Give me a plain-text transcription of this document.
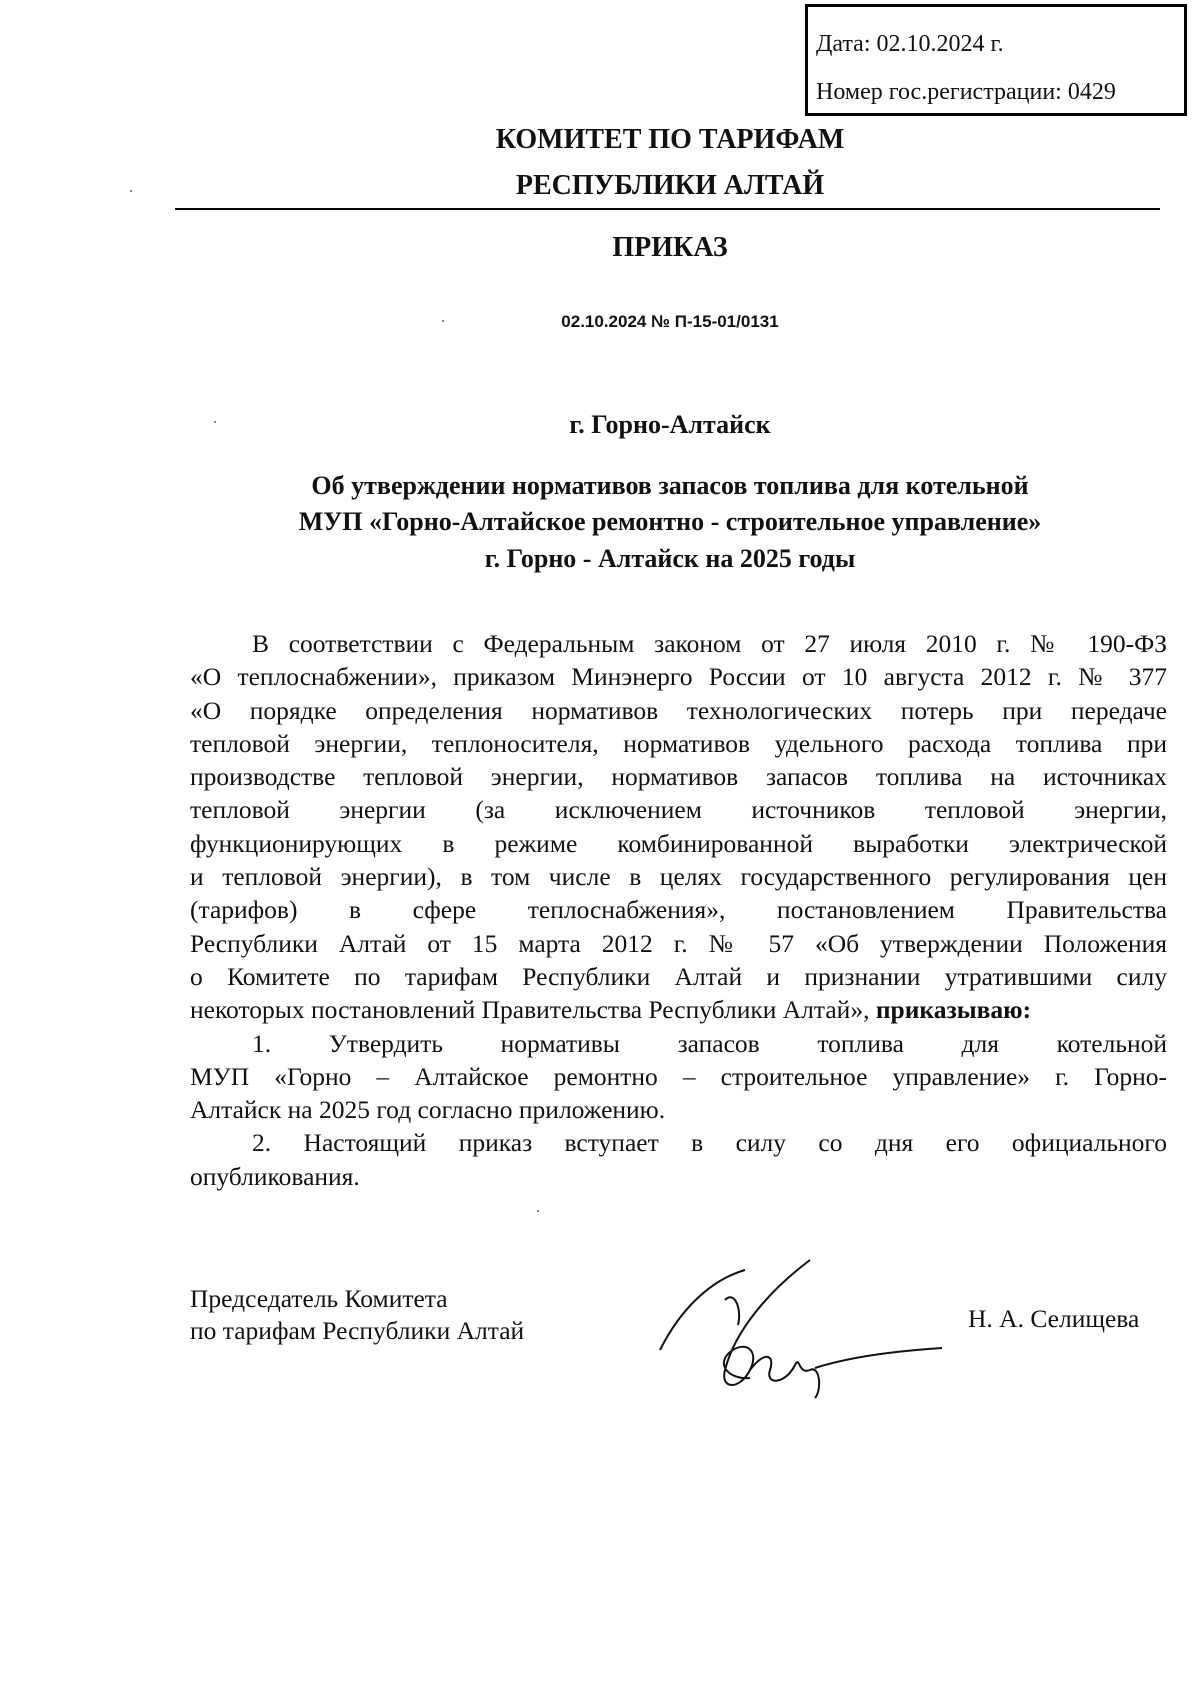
Дата: 02.10.2024 г.
Номер гос.регистрации: 0429
КОМИТЕТ ПО ТАРИФАМ
РЕСПУБЛИКИ АЛТАЙ
ПРИКАЗ
02.10.2024 № П-15-01/0131
г. Горно-Алтайск
Об утверждении нормативов запасов топлива для котельной
МУП «Горно-Алтайское ремонтно - строительное управление»
г. Горно - Алтайск на 2025 годы
В соответствии с Федеральным законом от 27 июля 2010 г. № 190-ФЗ
«О теплоснабжении», приказом Минэнерго России от 10 августа 2012 г. № 377
«О порядке определения нормативов технологических потерь при передаче
тепловой энергии, теплоносителя, нормативов удельного расхода топлива при
производстве тепловой энергии, нормативов запасов топлива на источниках
тепловой энергии (за исключением источников тепловой энергии,
функционирующих в режиме комбинированной выработки электрической
и тепловой энергии), в том числе в целях государственного регулирования цен
(тарифов) в сфере теплоснабжения», постановлением Правительства
Республики Алтай от 15 марта 2012 г. № 57 «Об утверждении Положения
о Комитете по тарифам Республики Алтай и признании утратившими силу
некоторых постановлений Правительства Республики Алтай», приказываю:
1. Утвердить нормативы запасов топлива для котельной
МУП «Горно – Алтайское ремонтно – строительное управление» г. Горно-
Алтайск на 2025 год согласно приложению.
2. Настоящий приказ вступает в силу со дня его официального
опубликования.
Председатель Комитета
по тарифам Республики Алтай	Н. А. Селищева
